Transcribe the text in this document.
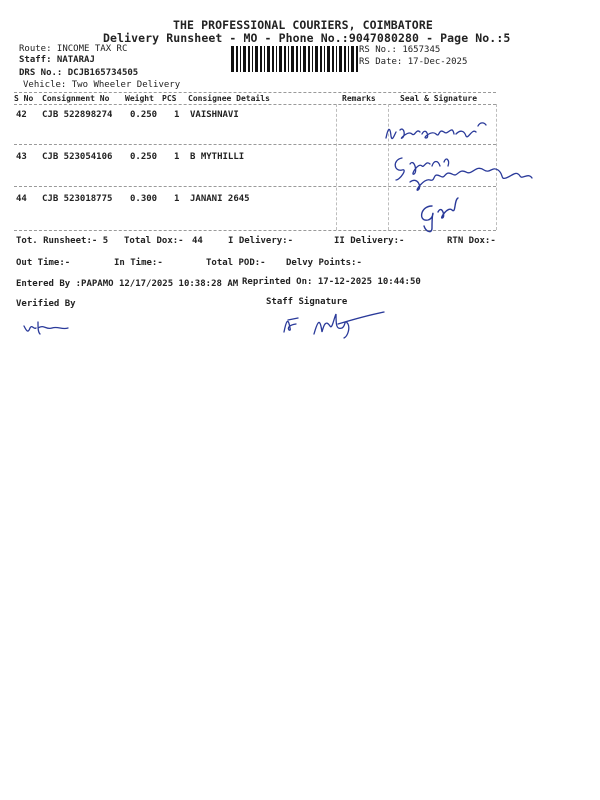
THE PROFESSIONAL COURIERS, COIMBATORE
Delivery Runsheet - MO - Phone No.:9047080280 - Page No.:5
Route: INCOME TAX RC
Staff: NATARAJ
DRS No.: DCJB165734505
Vehicle: Two Wheeler Delivery
RS No.: 1657345
RS Date: 17-Dec-2025
S No Consignment No Weight PCS Consignee Details	Remarks	Seal & Signature
42 CJB 522898274 0.250 1 VAISHNAVI
43 CJB 523054106 0.250 1 B MYTHILLI
44 CJB 523018775 0.300 1 JANANI 2645
Tot. Runsheet:- 5 Total Dox:- 44	I Delivery:-	II Delivery:-	RTN Dox:-
Out Time:-	In Time:-	Total POD:- Delvy Points:-
Entered By :PAPAMO 12/17/2025 10:38:28 AM Reprinted On: 17-12-2025 10:44:50
Verified By	Staff Signature
